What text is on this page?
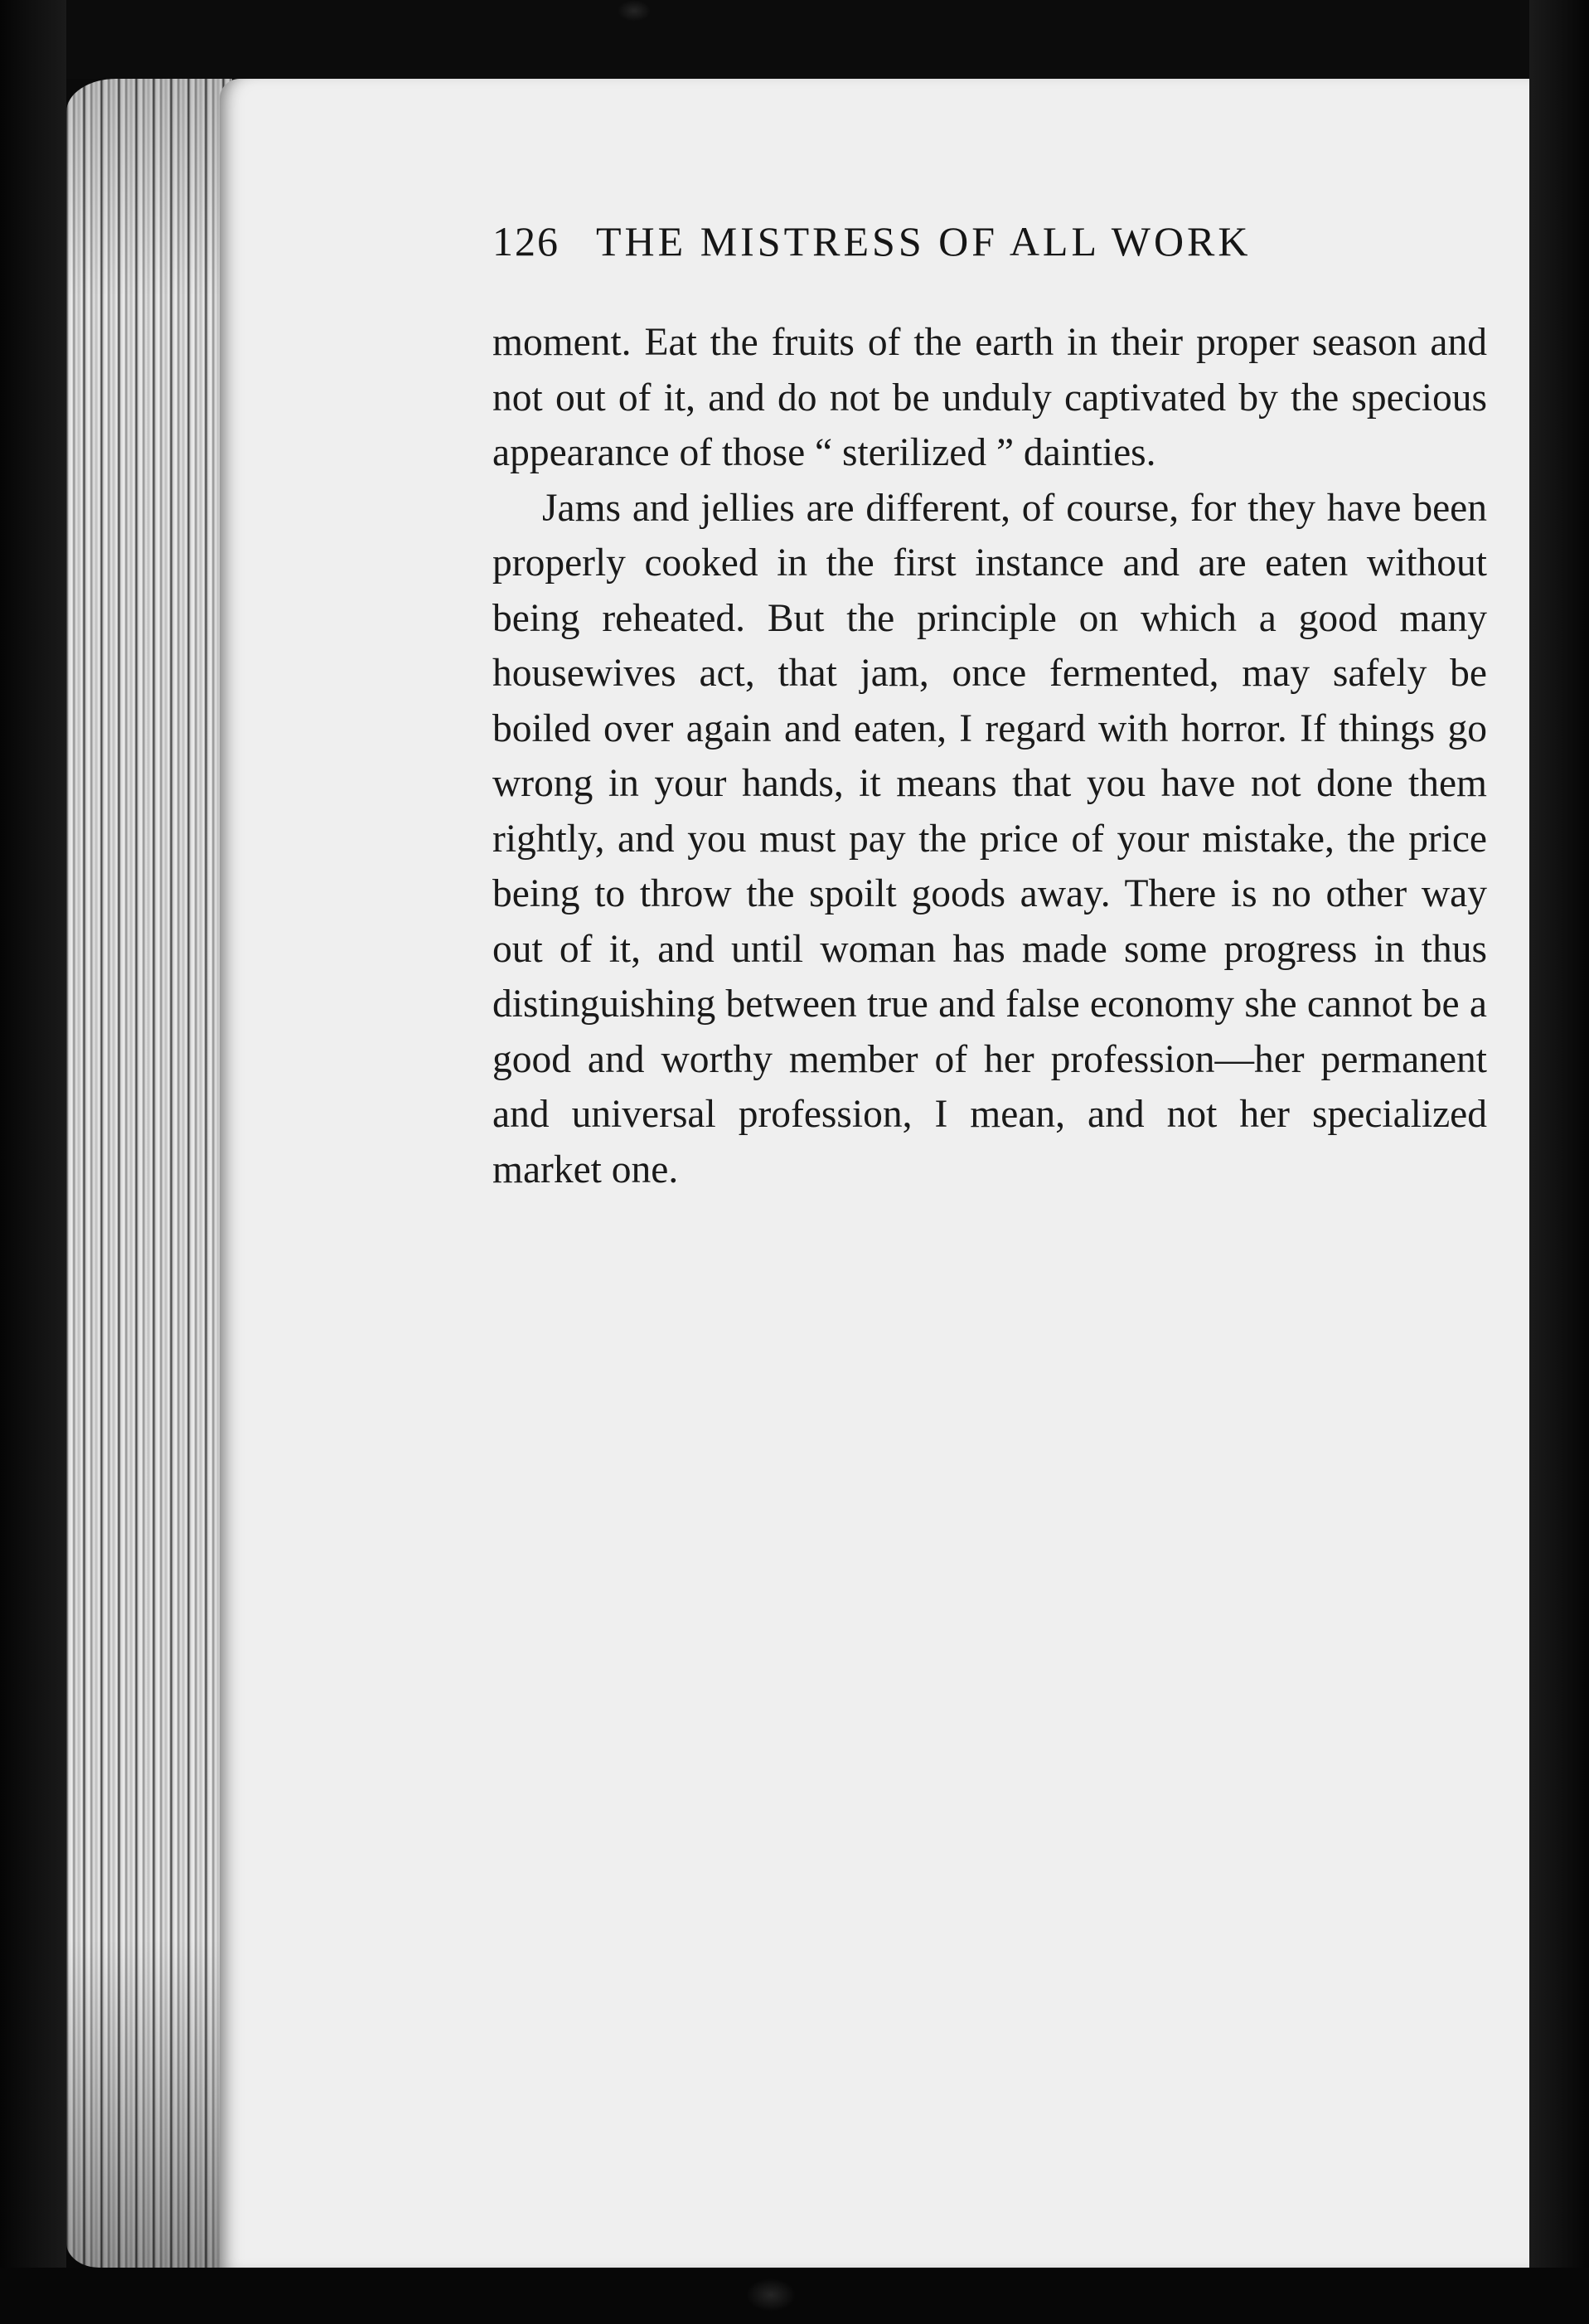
126 THE MISTRESS OF ALL WORK

moment. Eat the fruits of the earth in their proper season and not out of it, and do not be unduly captivated by the specious appearance of those “ sterilized ” dainties.

Jams and jellies are different, of course, for they have been properly cooked in the first instance and are eaten without being reheated. But the principle on which a good many housewives act, that jam, once fermented, may safely be boiled over again and eaten, I regard with horror. If things go wrong in your hands, it means that you have not done them rightly, and you must pay the price of your mistake, the price being to throw the spoilt goods away. There is no other way out of it, and until woman has made some progress in thus distinguishing between true and false economy she cannot be a good and worthy member of her profession—her permanent and universal profession, I mean, and not her specialized market one.
